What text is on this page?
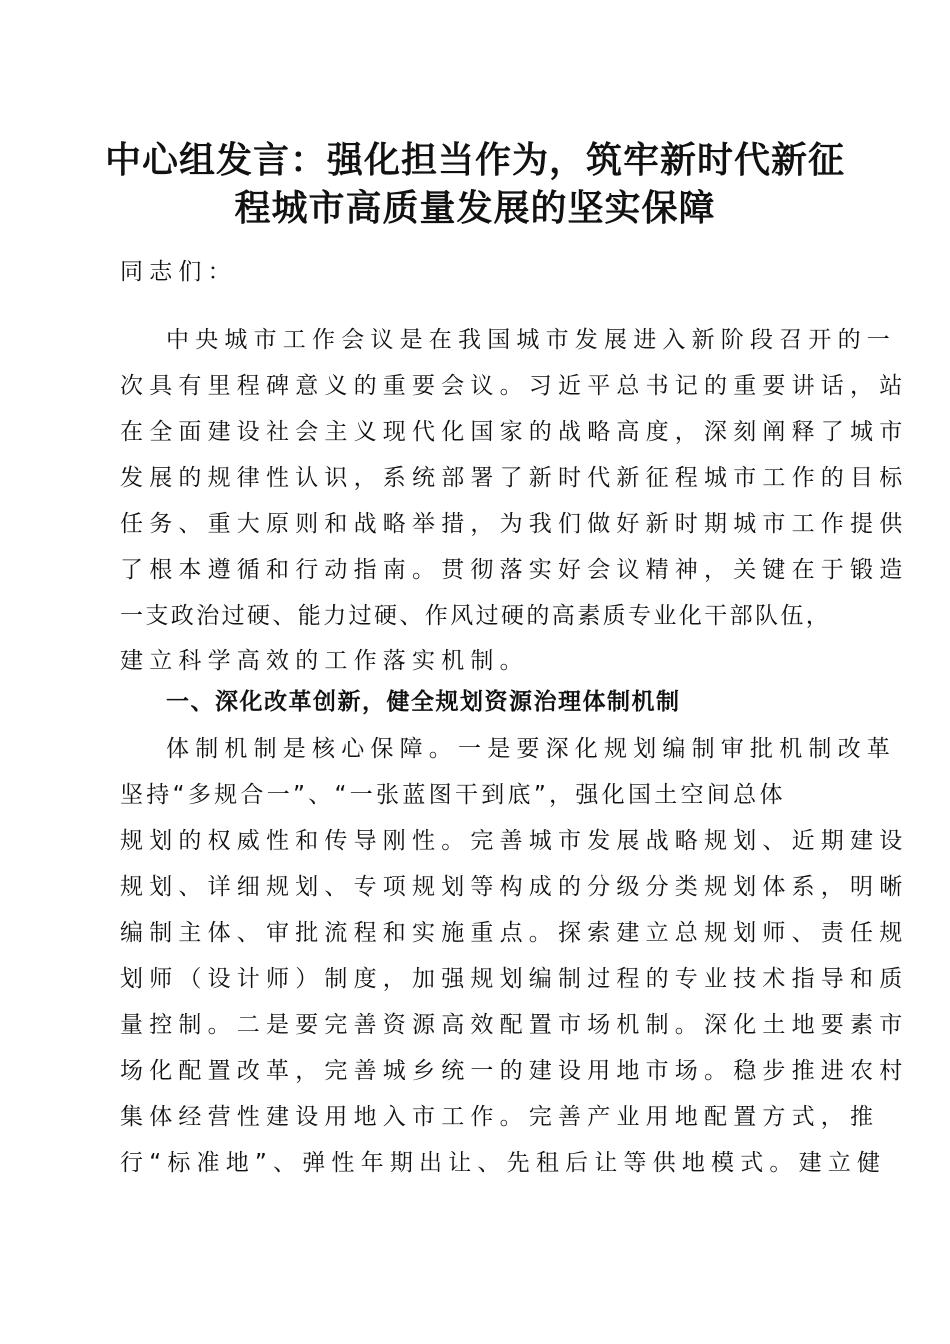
中心组发言：强化担当作为，筑牢新时代新征
程城市高质量发展的坚实保障

同志们：

中央城市工作会议是在我国城市发展进入新阶段召开的一

次具有里程碑意义的重要会议。习近平总书记的重要讲话，站

在全面建设社会主义现代化国家的战略高度，深刻阐释了城市

发展的规律性认识，系统部署了新时代新征程城市工作的目标

任务、重大原则和战略举措，为我们做好新时期城市工作提供

了根本遵循和行动指南。贯彻落实好会议精神，关键在于锻造

一支政治过硬、能力过硬、作风过硬的高素质专业化干部队伍，

建立科学高效的工作落实机制。

一、深化改革创新，健全规划资源治理体制机制

体制机制是核心保障。一是要深化规划编制审批机制改革

坚持“多规合一”、“一张蓝图干到底”，强化国土空间总体

规划的权威性和传导刚性。完善城市发展战略规划、近期建设

规划、详细规划、专项规划等构成的分级分类规划体系，明晰

编制主体、审批流程和实施重点。探索建立总规划师、责任规

划师（设计师）制度，加强规划编制过程的专业技术指导和质

量控制。二是要完善资源高效配置市场机制。深化土地要素市

场化配置改革，完善城乡统一的建设用地市场。稳步推进农村

集体经营性建设用地入市工作。完善产业用地配置方式，推

行“标准地”、弹性年期出让、先租后让等供地模式。建立健
